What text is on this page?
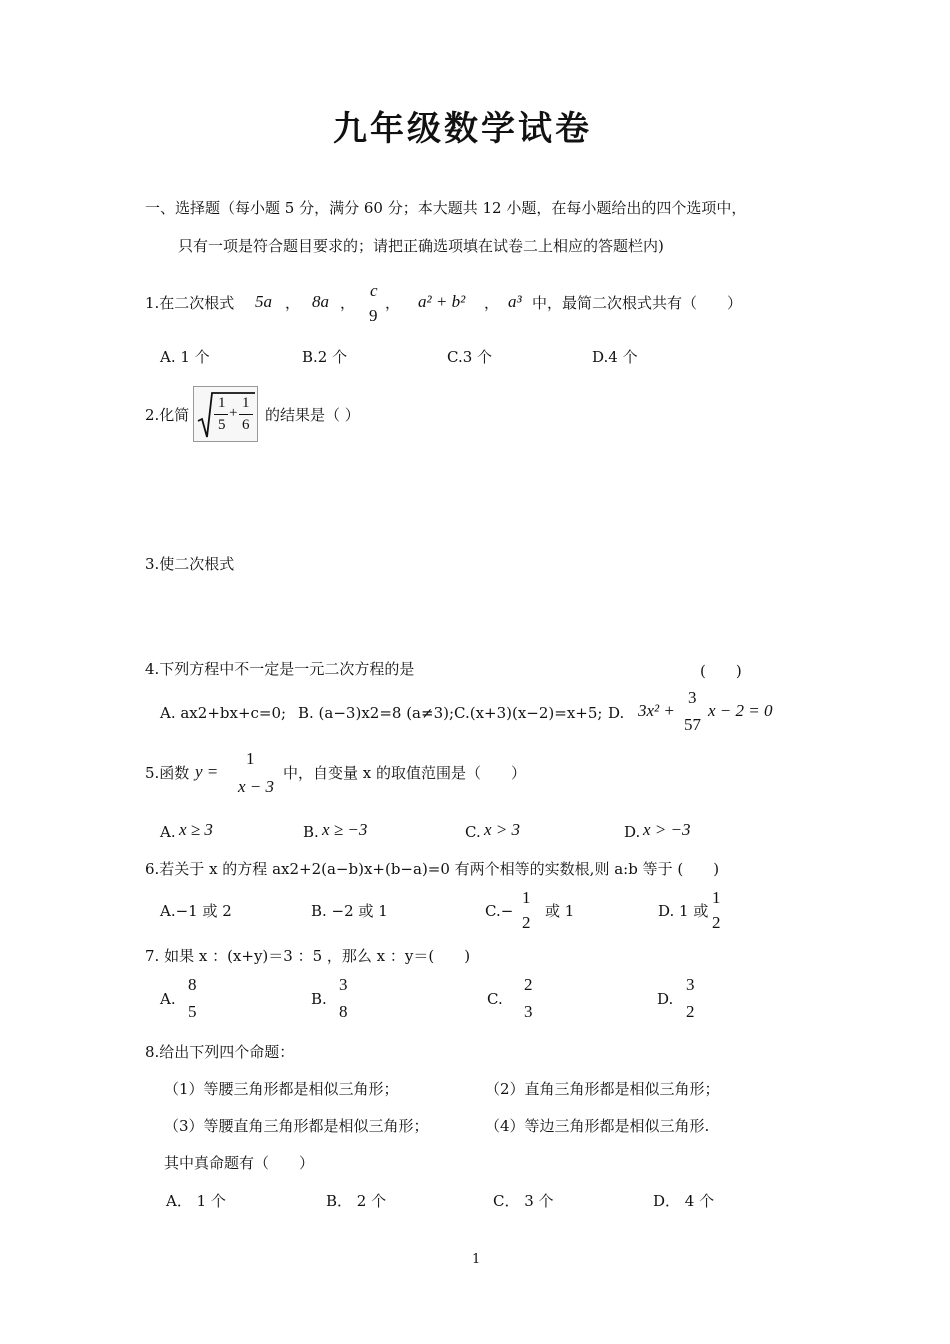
九年级数学试卷
一、选择题（每小题 5 分，满分 60 分；本大题共 12 小题，在每小题给出的四个选项中，
只有一项是符合题目要求的；请把正确选项填在试卷二上相应的答题栏内)
1.在二次根式 5a ， 8a ，
c
9
， a² + b² ， a³ 中，最简二次根式共有（　　）
A. 1 个	B.2 个	C.3 个	D.4 个
2.化简
1
5
+
1
6
的结果是（ ）
3.使二次根式
4.下列方程中不一定是一元二次方程的是	(　　)
A. ax2+bx+c=0; B. (a−3)x2=8 (a≠3); C.(x+3)(x−2)=x+5; D. 3x² +
3
57
x − 2 = 0
5.函数 y =
1
x − 3
中，自变量 x 的取值范围是（　　）
A. x ≥ 3	B. x ≥ −3	C. x > 3	D. x > −3
6.若关于 x 的方程 ax2+2(a−b)x+(b−a)=0 有两个相等的实数根,则 a:b 等于 (　　)
A.−1 或 2	B. −2 或 1	C.−
1
2
或 1	D. 1 或
1
2
7. 如果 x ：(x+y)＝3 ：5 ，那么 x ：y＝(　　)
A.
8
5
B.
3
8
C.
2
3
D.
3
2
8.给出下列四个命题：
（1）等腰三角形都是相似三角形；	（2）直角三角形都是相似三角形；
（3）等腰直角三角形都是相似三角形；	（4）等边三角形都是相似三角形.
其中真命题有（　　）
A． 1 个	B． 2 个	C． 3 个	D． 4 个
1
